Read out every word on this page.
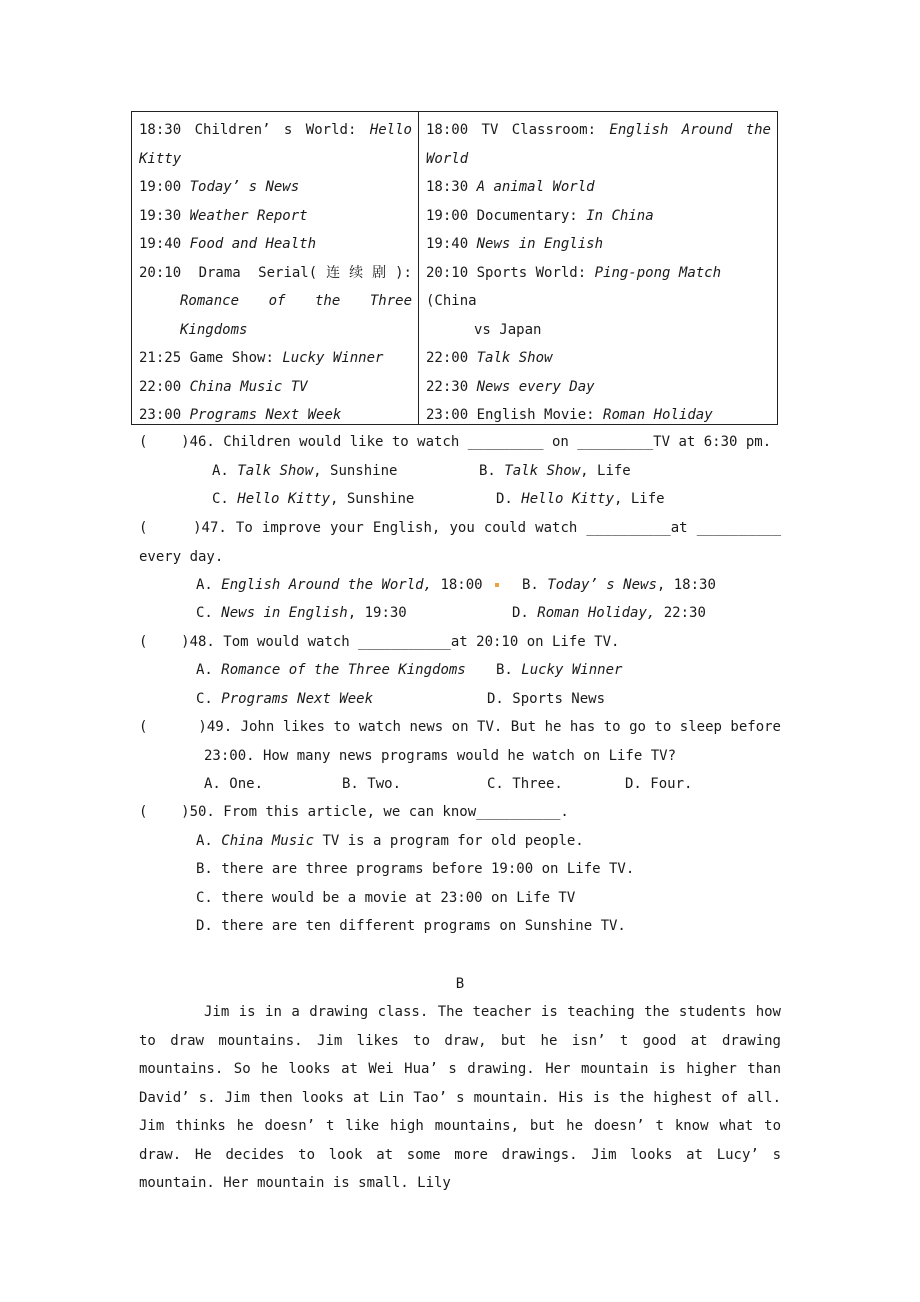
18:30 Children’ s World: Hello
Kitty
19:00 Today’ s News
19:30 Weather Report
19:40 Food and Health
20:10 Drama Serial(连续剧):
Romance of the Three
Kingdoms
21:25 Game Show: Lucky Winner
22:00 China Music TV
23:00 Programs Next Week
18:00 TV Classroom: English Around the
World
18:30 A animal World
19:00 Documentary: In China
19:40 News in English
20:10 Sports World: Ping-pong Match (China
vs Japan
22:00 Talk Show
22:30 News every Day
23:00 English Movie: Roman Holiday
(    )46. Children would like to watch _________ on _________TV at 6:30 pm.
A. Talk Show, Sunshine	B. Talk Show, Life
C. Hello Kitty, Sunshine	D. Hello Kitty, Life
(     )47. To improve your English, you could watch __________at __________ every day.
A. English Around the World, 18:00	B. Today’ s News, 18:30
C. News in English, 19:30	D. Roman Holiday, 22:30
(    )48. Tom would watch ___________at 20:10 on Life TV.
A. Romance of the Three Kingdoms B. Lucky Winner
C. Programs Next Week	D. Sports News
(      )49. John likes to watch news on TV. But he has to go to sleep before
23:00. How many news programs would he watch on Life TV?
A. One.	B. Two.	C. Three.	D. Four.
(    )50. From this article, we can know__________.
A. China Music TV is a program for old people.
B. there are three programs before 19:00 on Life TV.
C. there would be a movie at 23:00 on Life TV
D. there are ten different programs on Sunshine TV.
B
Jim is in a drawing class. The teacher is teaching the students how to draw mountains. Jim likes to draw, but he isn’ t good at drawing mountains. So he looks at Wei Hua’ s drawing. Her mountain is higher than David’ s. Jim then looks at Lin Tao’ s mountain. His is the highest of all. Jim thinks he doesn’ t like high mountains, but he doesn’ t know what to draw. He decides to look at some more drawings. Jim looks at Lucy’ s mountain. Her mountain is small. Lily
